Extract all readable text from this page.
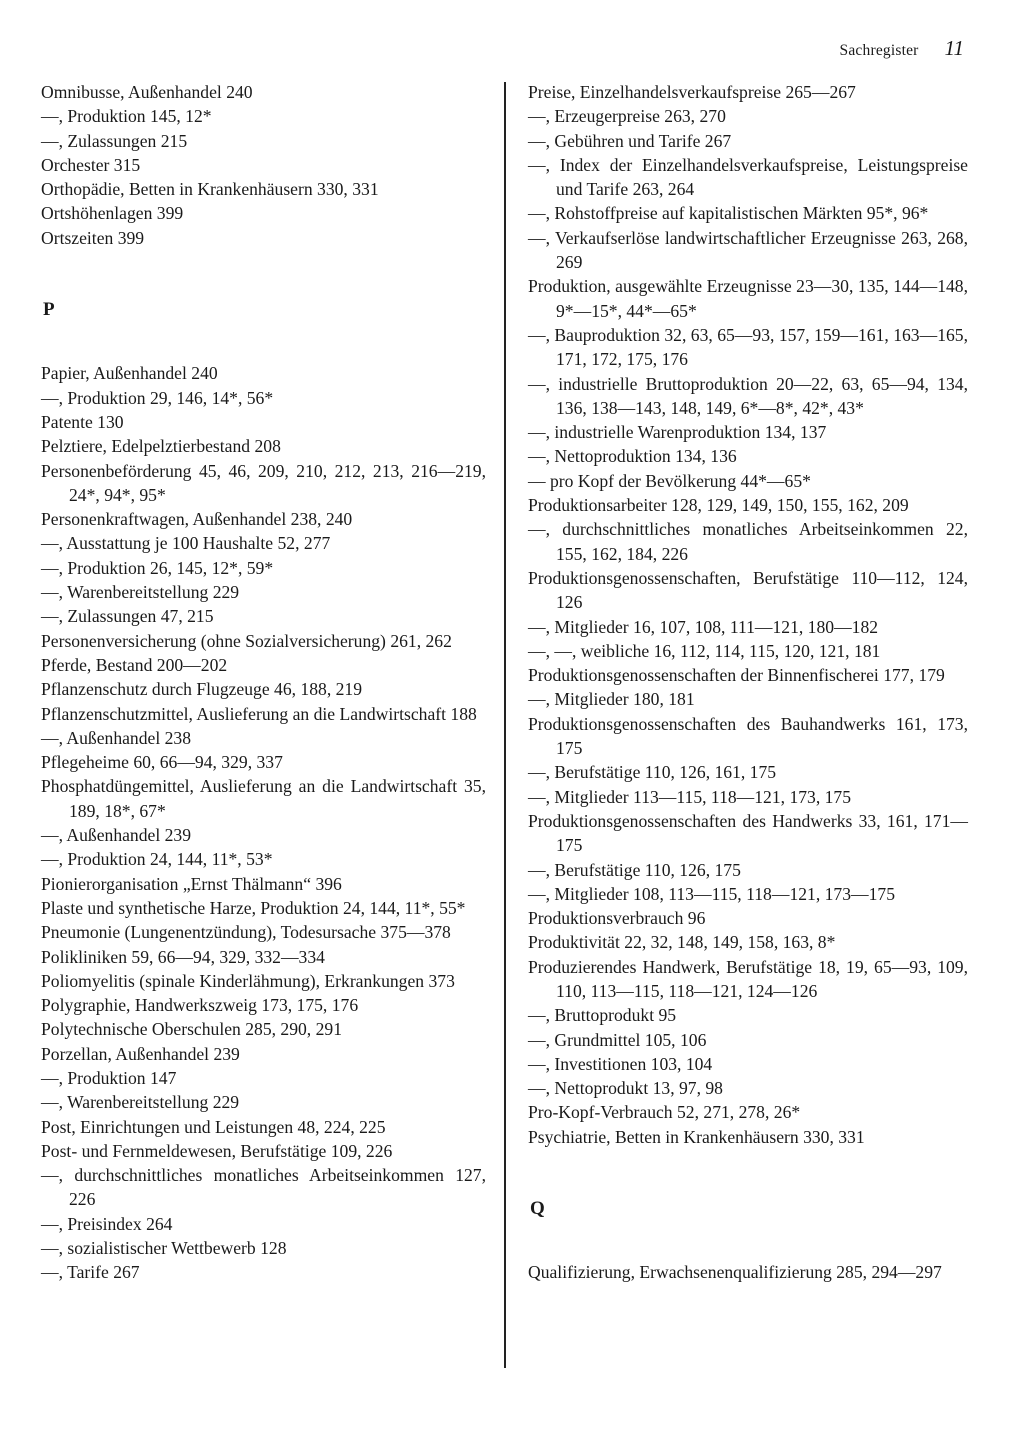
Sachregister 11
Omnibusse, Außenhandel 240
—, Produktion 145, 12*
—, Zulassungen 215
Orchester 315
Orthopädie, Betten in Krankenhäusern 330, 331
Ortshöhenlagen 399
Ortszeiten 399
P
Papier, Außenhandel 240
—, Produktion 29, 146, 14*, 56*
Patente 130
Pelztiere, Edelpelztierbestand 208
Personenbeförderung 45, 46, 209, 210, 212, 213, 216—219, 24*, 94*, 95*
Personenkraftwagen, Außenhandel 238, 240
—, Ausstattung je 100 Haushalte 52, 277
—, Produktion 26, 145, 12*, 59*
—, Warenbereitstellung 229
—, Zulassungen 47, 215
Personenversicherung (ohne Sozialversicherung) 261, 262
Pferde, Bestand 200—202
Pflanzenschutz durch Flugzeuge 46, 188, 219
Pflanzenschutzmittel, Auslieferung an die Landwirtschaft 188
—, Außenhandel 238
Pflegeheime 60, 66—94, 329, 337
Phosphatdüngemittel, Auslieferung an die Landwirtschaft 35, 189, 18*, 67*
—, Außenhandel 239
—, Produktion 24, 144, 11*, 53*
Pionierorganisation „Ernst Thälmann“ 396
Plaste und synthetische Harze, Produktion 24, 144, 11*, 55*
Pneumonie (Lungenentzündung), Todesursache 375—378
Polikliniken 59, 66—94, 329, 332—334
Poliomyelitis (spinale Kinderlähmung), Erkrankungen 373
Polygraphie, Handwerkszweig 173, 175, 176
Polytechnische Oberschulen 285, 290, 291
Porzellan, Außenhandel 239
—, Produktion 147
—, Warenbereitstellung 229
Post, Einrichtungen und Leistungen 48, 224, 225
Post- und Fernmeldewesen, Berufstätige 109, 226
—, durchschnittliches monatliches Arbeitseinkommen 127, 226
—, Preisindex 264
—, sozialistischer Wettbewerb 128
—, Tarife 267
Preise, Einzelhandelsverkaufspreise 265—267
—, Erzeugerpreise 263, 270
—, Gebühren und Tarife 267
—, Index der Einzelhandelsverkaufspreise, Leistungspreise und Tarife 263, 264
—, Rohstoffpreise auf kapitalistischen Märkten 95*, 96*
—, Verkaufserlöse landwirtschaftlicher Erzeugnisse 263, 268, 269
Produktion, ausgewählte Erzeugnisse 23—30, 135, 144—148, 9*—15*, 44*—65*
—, Bauproduktion 32, 63, 65—93, 157, 159—161, 163—165, 171, 172, 175, 176
—, industrielle Bruttoproduktion 20—22, 63, 65—94, 134, 136, 138—143, 148, 149, 6*—8*, 42*, 43*
—, industrielle Warenproduktion 134, 137
—, Nettoproduktion 134, 136
— pro Kopf der Bevölkerung 44*—65*
Produktionsarbeiter 128, 129, 149, 150, 155, 162, 209
—, durchschnittliches monatliches Arbeitseinkommen 22, 155, 162, 184, 226
Produktionsgenossenschaften, Berufstätige 110—112, 124, 126
—, Mitglieder 16, 107, 108, 111—121, 180—182
—, —, weibliche 16, 112, 114, 115, 120, 121, 181
Produktionsgenossenschaften der Binnenfischerei 177, 179
—, Mitglieder 180, 181
Produktionsgenossenschaften des Bauhandwerks 161, 173, 175
—, Berufstätige 110, 126, 161, 175
—, Mitglieder 113—115, 118—121, 173, 175
Produktionsgenossenschaften des Handwerks 33, 161, 171—175
—, Berufstätige 110, 126, 175
—, Mitglieder 108, 113—115, 118—121, 173—175
Produktionsverbrauch 96
Produktivität 22, 32, 148, 149, 158, 163, 8*
Produzierendes Handwerk, Berufstätige 18, 19, 65—93, 109, 110, 113—115, 118—121, 124—126
—, Bruttoprodukt 95
—, Grundmittel 105, 106
—, Investitionen 103, 104
—, Nettoprodukt 13, 97, 98
Pro-Kopf-Verbrauch 52, 271, 278, 26*
Psychiatrie, Betten in Krankenhäusern 330, 331
Q
Qualifizierung, Erwachsenenqualifizierung 285, 294—297
